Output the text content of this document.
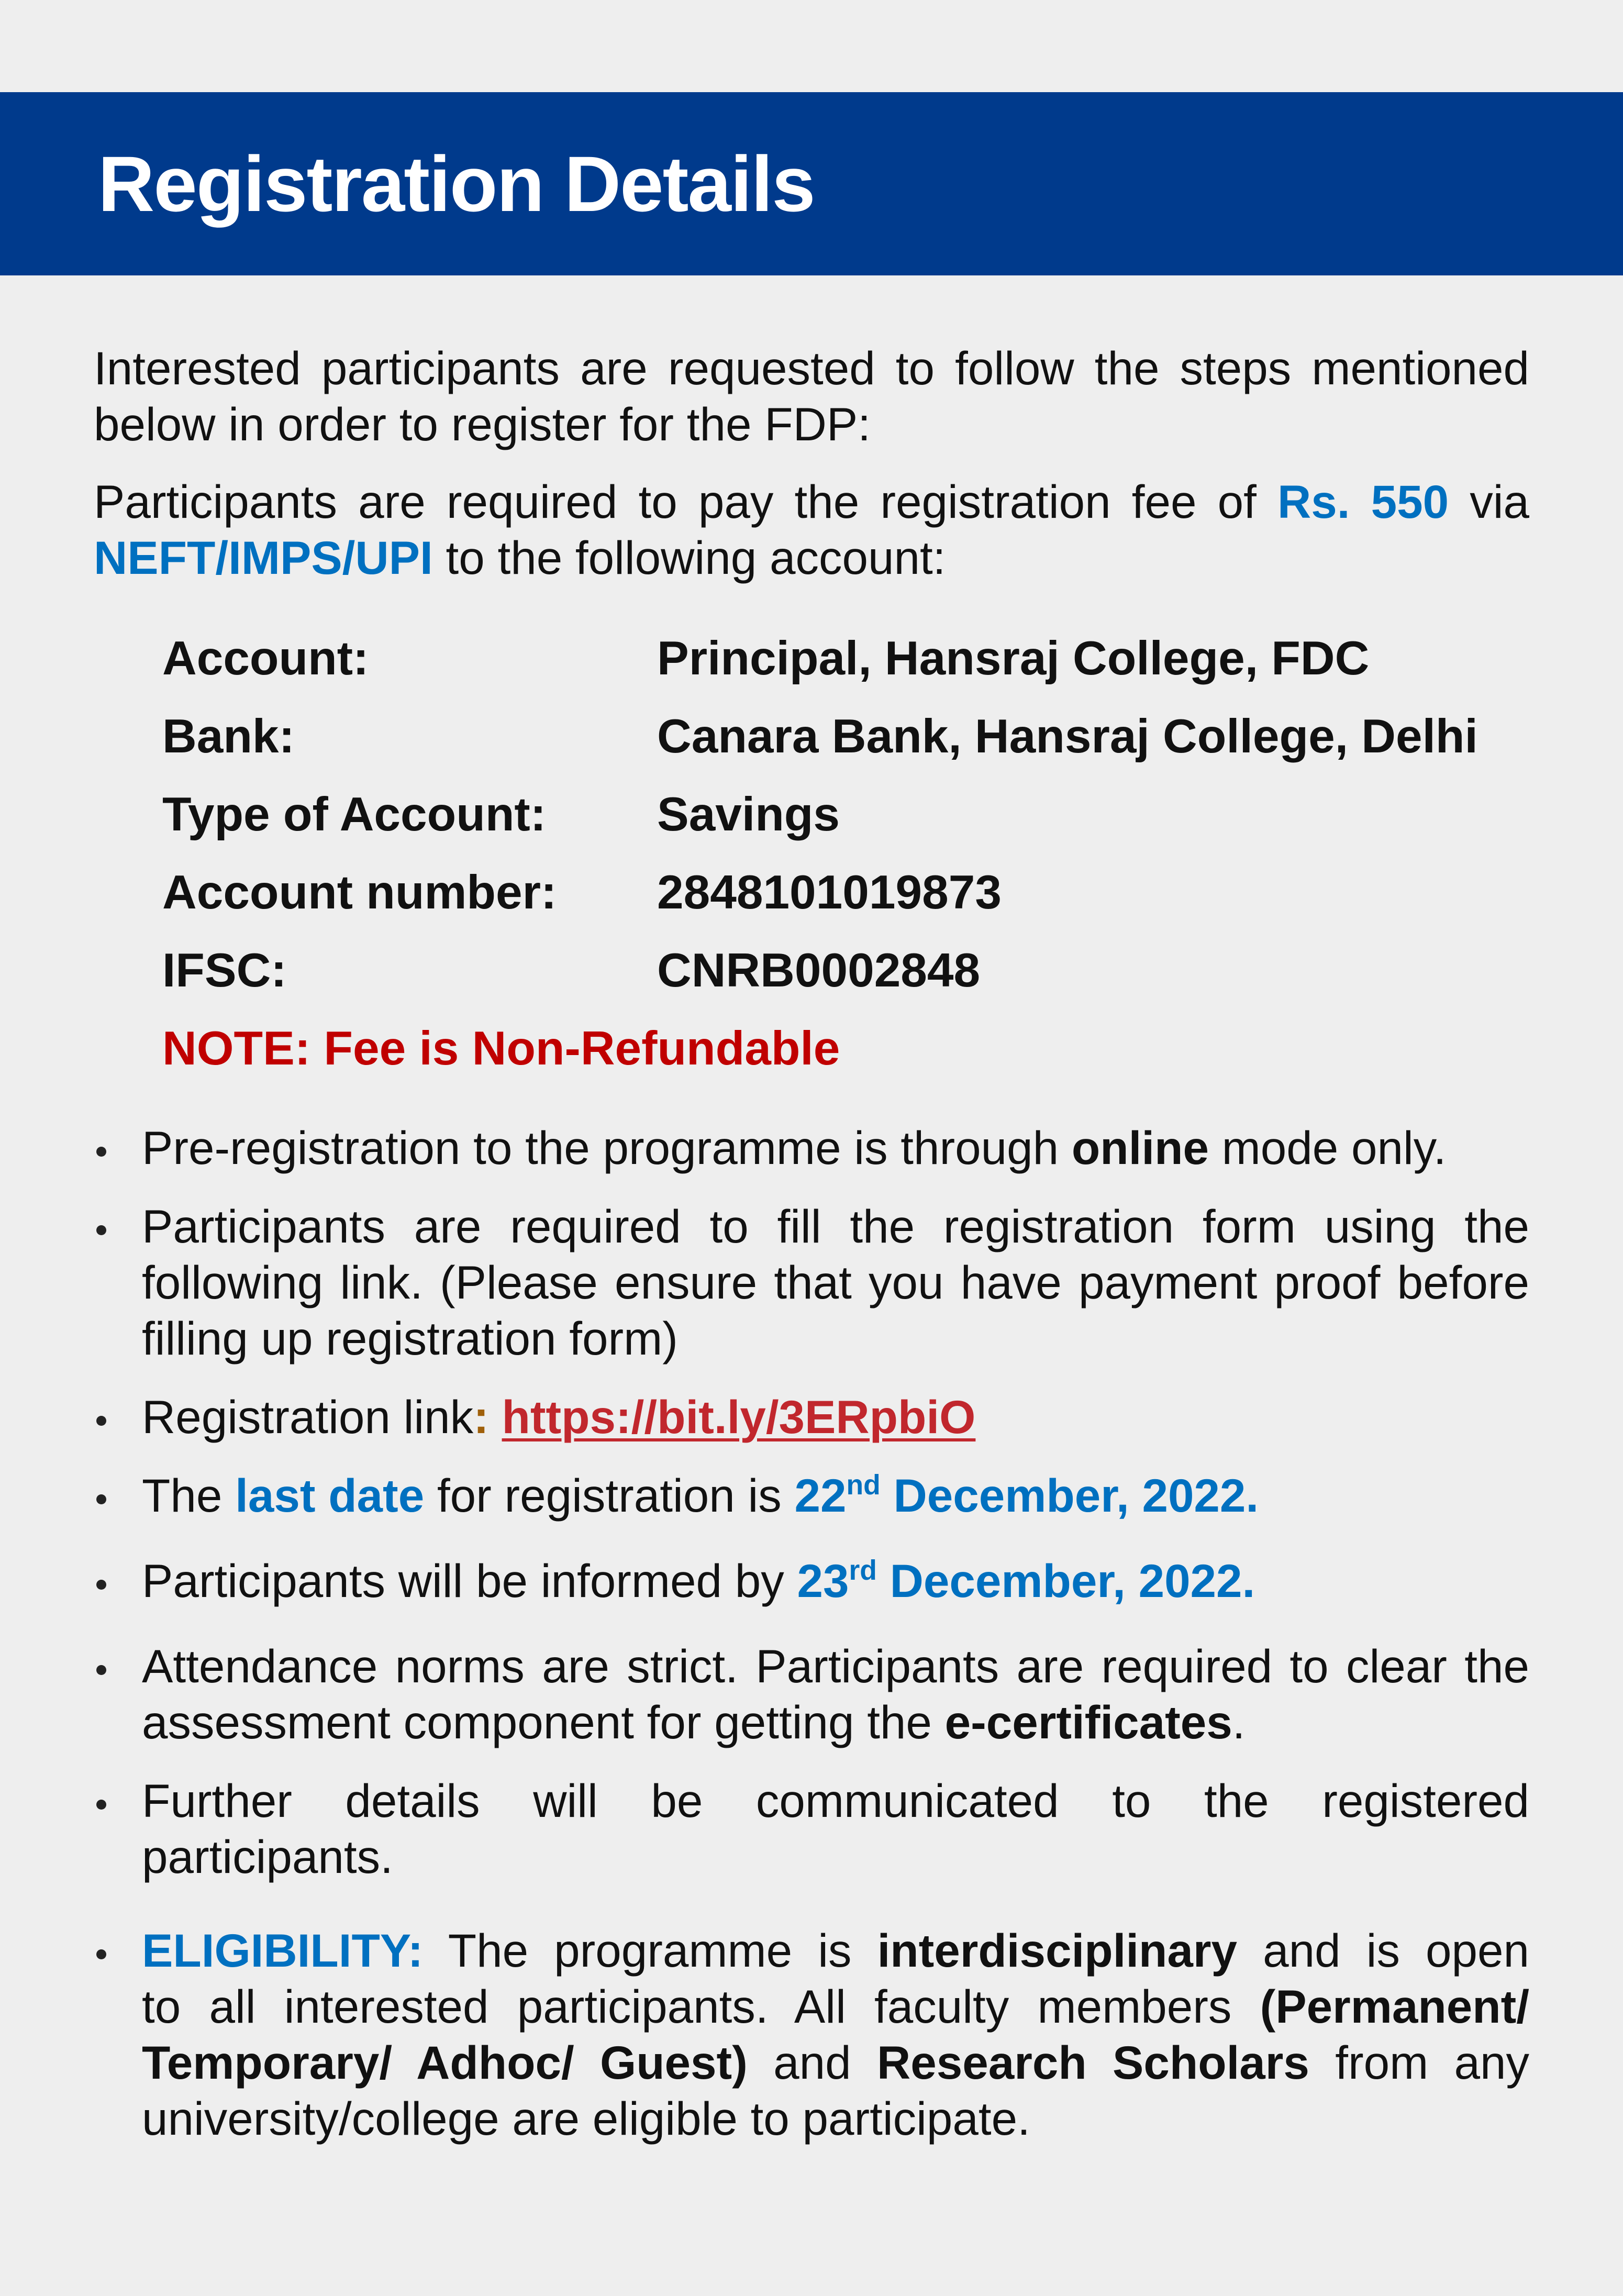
Registration Details
Interested participants are requested to follow the steps mentioned
below in order to register for the FDP:
Participants are required to pay the registration fee of Rs. 550 via
NEFT/IMPS/UPI to the following account:
Account:	Principal, Hansraj College, FDC
Bank:	Canara Bank, Hansraj College, Delhi
Type of Account:	Savings
Account number:	2848101019873
IFSC:	CNRB0002848
NOTE: Fee is Non-Refundable
Pre-registration to the programme is through online mode only.
Participants are required to fill the registration form using the
following link. (Please ensure that you have payment proof before
filling up registration form)
Registration link: https://bit.ly/3ERpbiO
The last date for registration is 22nd December, 2022.
Participants will be informed by 23rd December, 2022.
Attendance norms are strict. Participants are required to clear the
assessment component for getting the e-certificates.
Further details will be communicated to the registered
participants.
ELIGIBILITY: The programme is interdisciplinary and is open
to all interested participants. All faculty members (Permanent/
Temporary/ Adhoc/ Guest) and Research Scholars from any
university/college are eligible to participate.
